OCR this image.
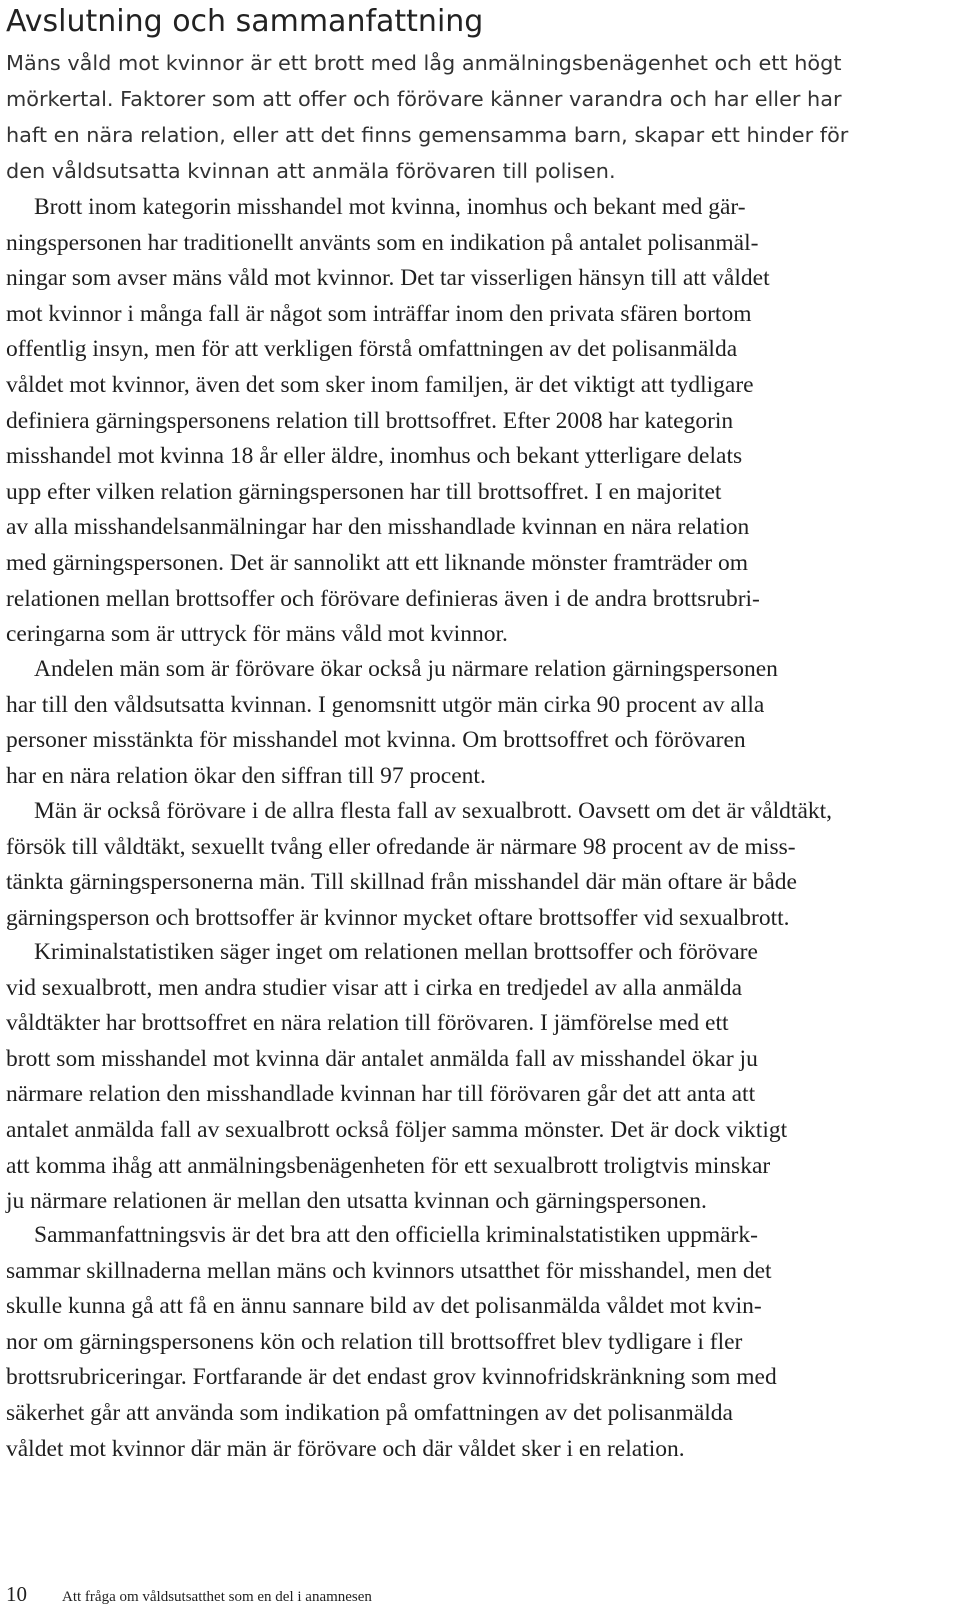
Avslutning och sammanfattning
Mäns våld mot kvinnor är ett brott med låg anmälningsbenägenhet och ett högt
mörkertal. Faktorer som att offer och förövare känner varandra och har eller har
haft en nära relation, eller att det finns gemensamma barn, skapar ett hinder för
den våldsutsatta kvinnan att anmäla förövaren till polisen.
Brott inom kategorin misshandel mot kvinna, inomhus och bekant med gär-
ningspersonen har traditionellt använts som en indikation på antalet polisanmäl-
ningar som avser mäns våld mot kvinnor. Det tar visserligen hänsyn till att våldet
mot kvinnor i många fall är något som inträffar inom den privata sfären bortom
offentlig insyn, men för att verkligen förstå omfattningen av det polisanmälda
våldet mot kvinnor, även det som sker inom familjen, är det viktigt att tydligare
definiera gärningspersonens relation till brottsoffret. Efter 2008 har kategorin
misshandel mot kvinna 18 år eller äldre, inomhus och bekant ytterligare delats
upp efter vilken relation gärningspersonen har till brottsoffret. I en majoritet
av alla misshandelsanmälningar har den misshandlade kvinnan en nära relation
med gärningspersonen. Det är sannolikt att ett liknande mönster framträder om
relationen mellan brottsoffer och förövare definieras även i de andra brottsrubri-
ceringarna som är uttryck för mäns våld mot kvinnor.
Andelen män som är förövare ökar också ju närmare relation gärningspersonen
har till den våldsutsatta kvinnan. I genomsnitt utgör män cirka 90 procent av alla
personer misstänkta för misshandel mot kvinna. Om brottsoffret och förövaren
har en nära relation ökar den siffran till 97 procent.
Män är också förövare i de allra flesta fall av sexualbrott. Oavsett om det är våldtäkt,
försök till våldtäkt, sexuellt tvång eller ofredande är närmare 98 procent av de miss-
tänkta gärningspersonerna män. Till skillnad från misshandel där män oftare är både
gärningsperson och brottsoffer är kvinnor mycket oftare brottsoffer vid sexualbrott.
Kriminalstatistiken säger inget om relationen mellan brottsoffer och förövare
vid sexualbrott, men andra studier visar att i cirka en tredjedel av alla anmälda
våldtäkter har brottsoffret en nära relation till förövaren. I jämförelse med ett
brott som misshandel mot kvinna där antalet anmälda fall av misshandel ökar ju
närmare relation den misshandlade kvinnan har till förövaren går det att anta att
antalet anmälda fall av sexualbrott också följer samma mönster. Det är dock viktigt
att komma ihåg att anmälningsbenägenheten för ett sexualbrott troligtvis minskar
ju närmare relationen är mellan den utsatta kvinnan och gärningspersonen.
Sammanfattningsvis är det bra att den officiella kriminalstatistiken uppmärk-
sammar skillnaderna mellan mäns och kvinnors utsatthet för misshandel, men det
skulle kunna gå att få en ännu sannare bild av det polisanmälda våldet mot kvin-
nor om gärningspersonens kön och relation till brottsoffret blev tydligare i fler
brottsrubriceringar. Fortfarande är det endast grov kvinnofridskränkning som med
säkerhet går att använda som indikation på omfattningen av det polisanmälda
våldet mot kvinnor där män är förövare och där våldet sker i en relation.
10 Att fråga om våldsutsatthet som en del i anamnesen
